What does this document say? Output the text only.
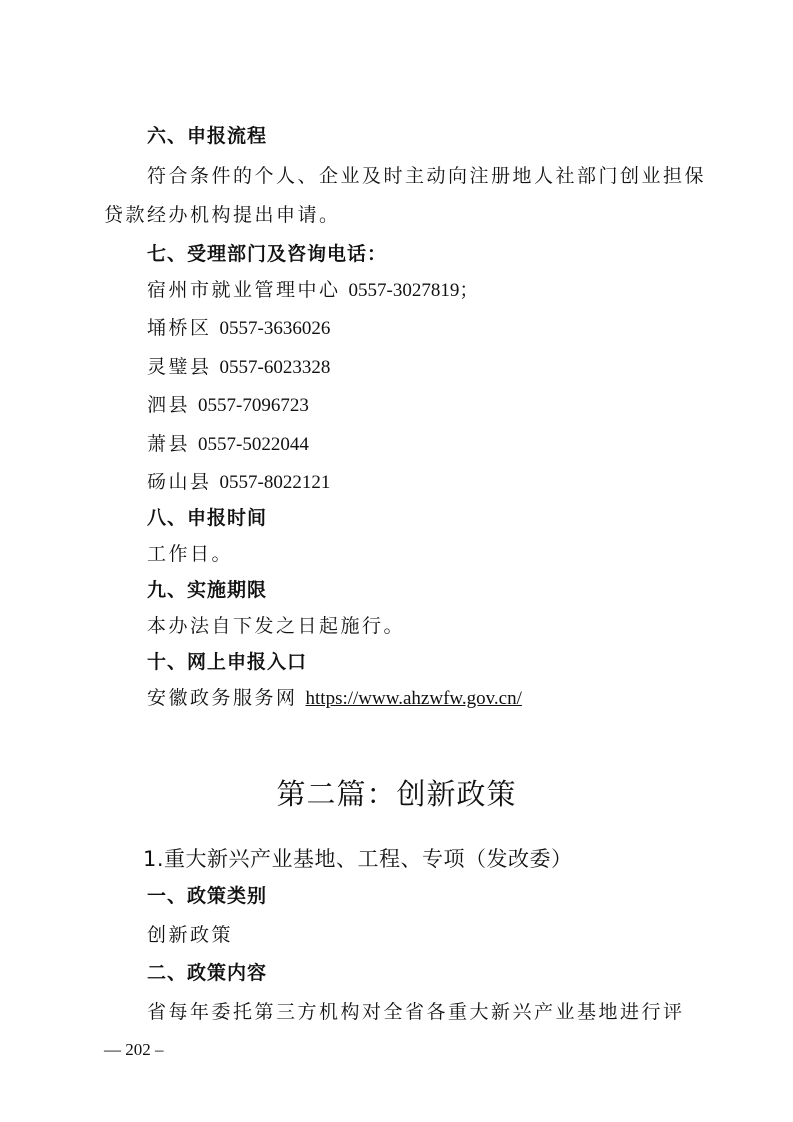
六、申报流程
符合条件的个人、企业及时主动向注册地人社部门创业担保
贷款经办机构提出申请。
七、受理部门及咨询电话：
宿州市就业管理中心 0557-3027819；
埇桥区 0557-3636026
灵璧县 0557-6023328
泗县 0557-7096723
萧县 0557-5022044
砀山县 0557-8022121
八、申报时间
工作日。
九、实施期限
本办法自下发之日起施行。
十、网上申报入口
安徽政务服务网 https://www.ahzwfw.gov.cn/
第二篇：创新政策
1.重大新兴产业基地、工程、专项（发改委）
一、政策类别
创新政策
二、政策内容
省每年委托第三方机构对全省各重大新兴产业基地进行评
— 202 –
